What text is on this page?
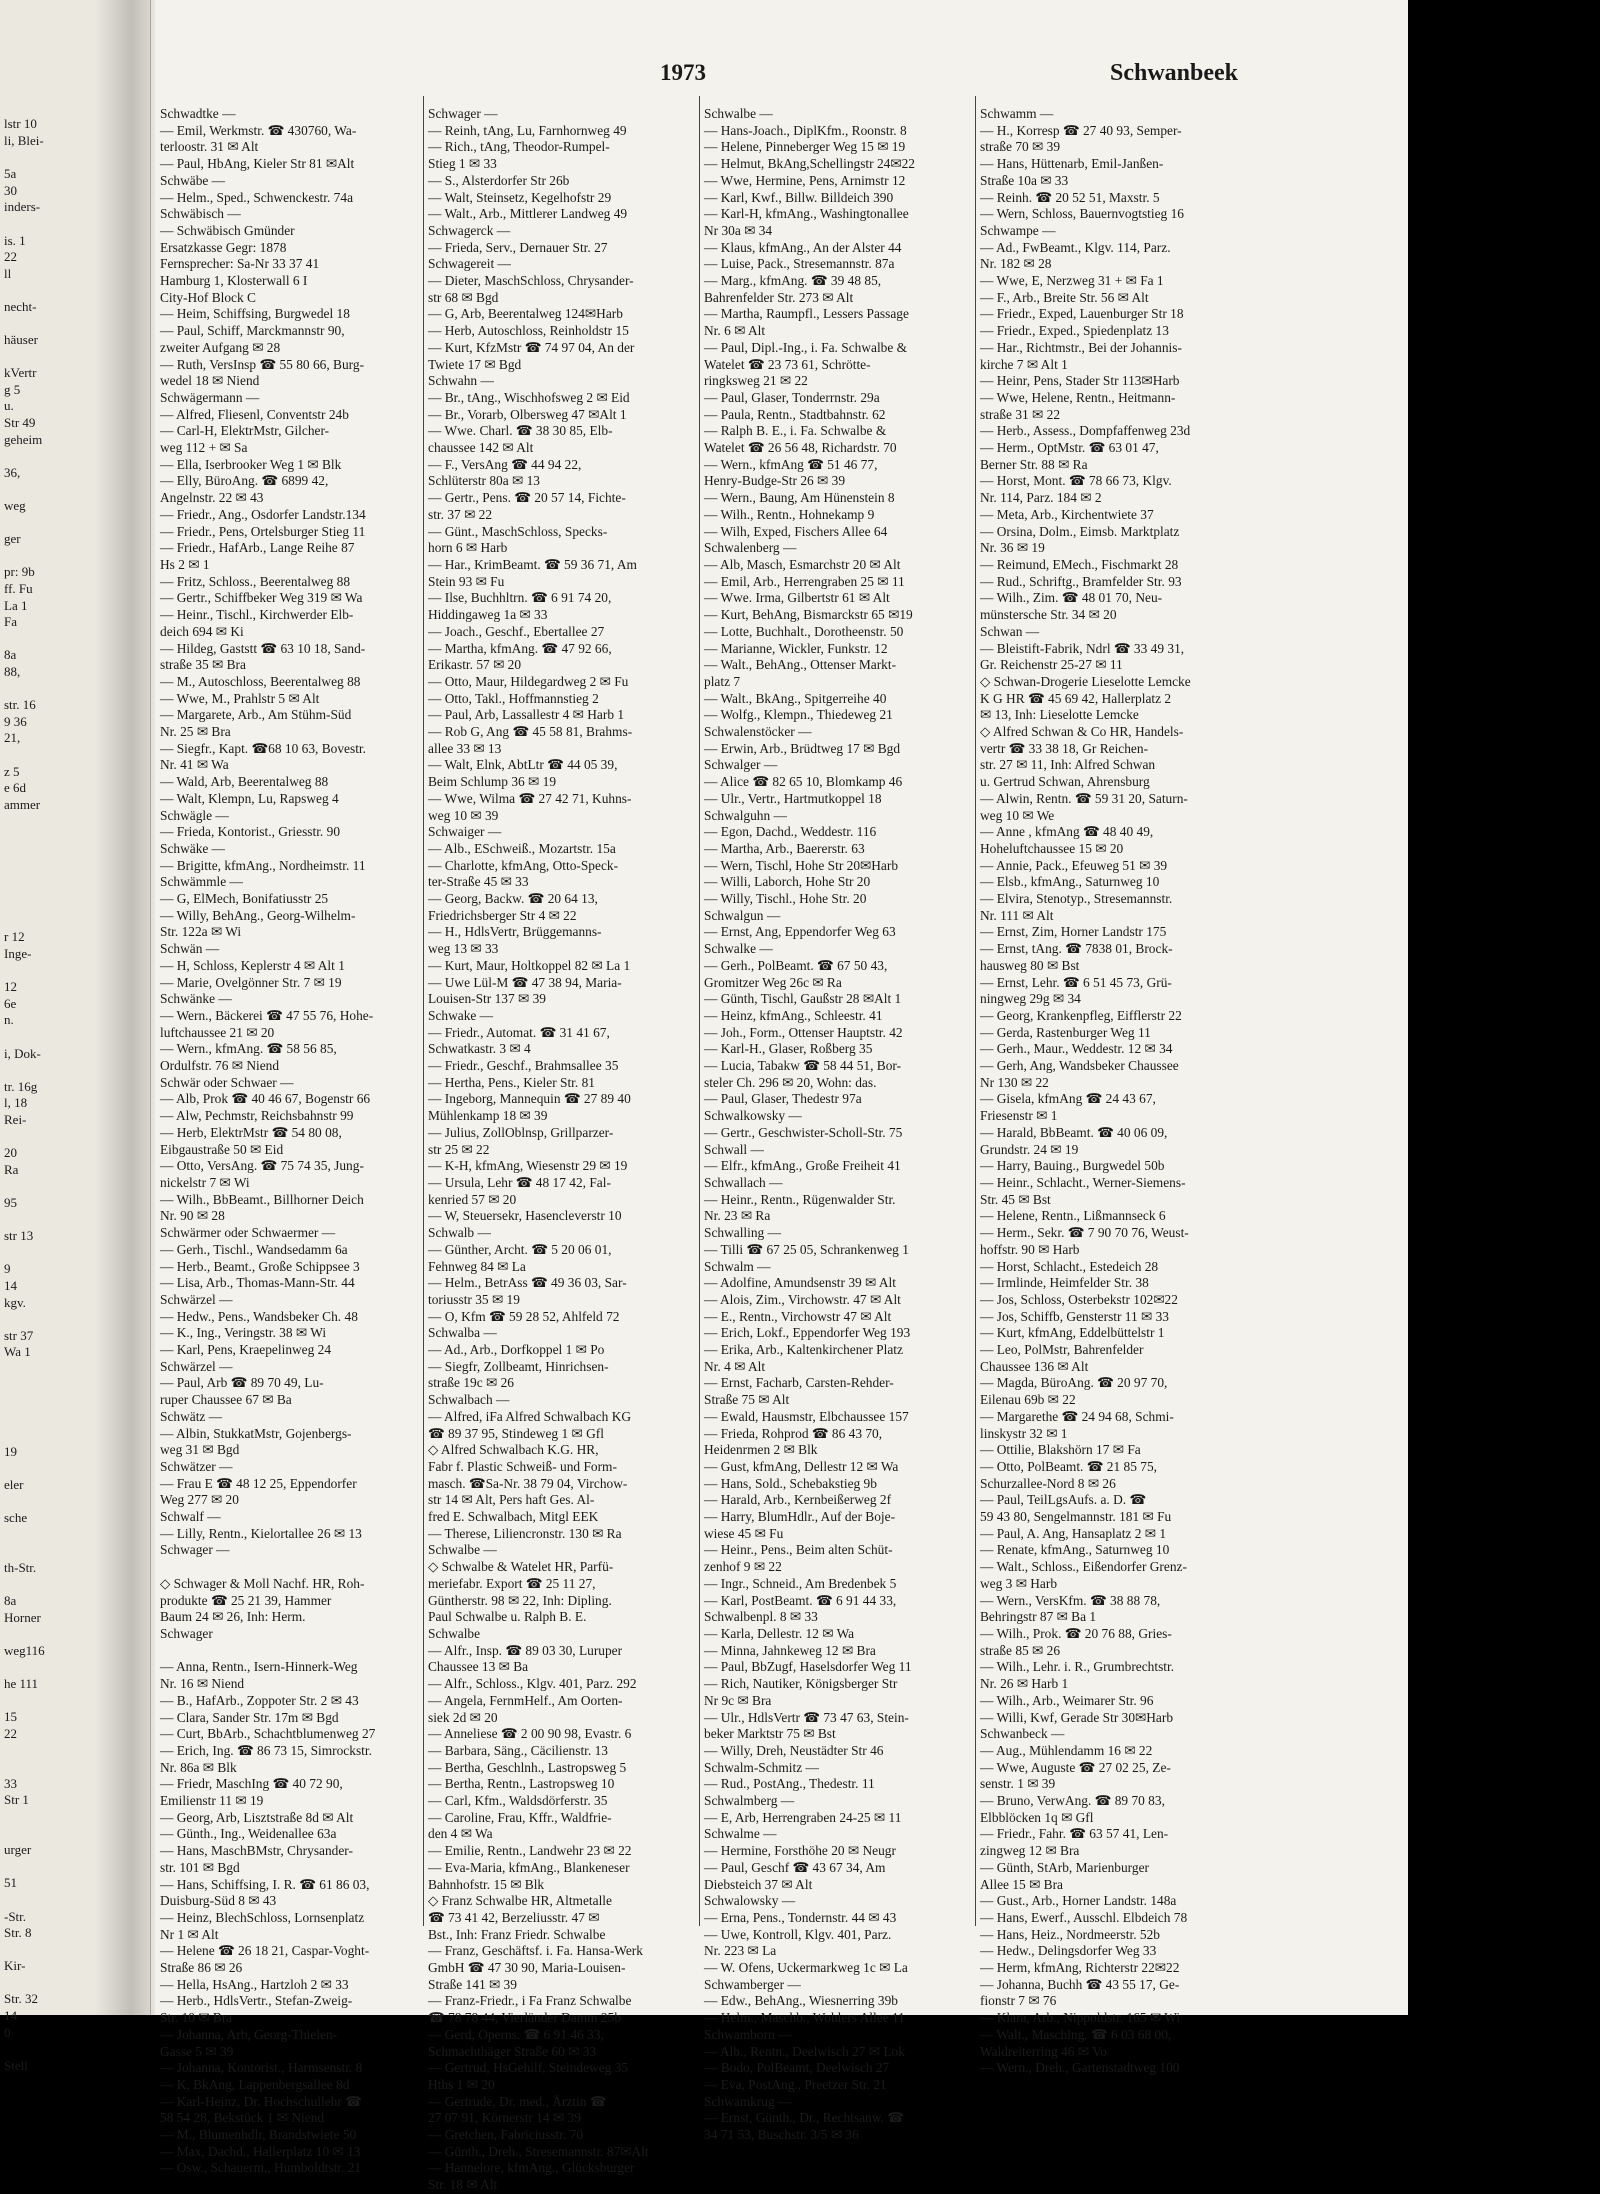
lstr 10
li, Blei-

5a
30
inders-

is. 1
22
ll

necht-

häuser

kVertr
g 5
u.
Str 49
geheim

36,

weg

ger

pr: 9b
ff. Fu
La 1
Fa

8a
88,

str. 16
9 36
21,

z 5
e 6d
ammer

r 12
Inge-

12
6e
n.

i, Dok-

tr. 16g
l, 18
Rei-

20
Ra

95

str 13

9
14
kgv.

str 37
Wa 1

19

eler

sche

th-Str.

8a
Horner

weg116

he 111

15
22

33
Str 1

urger

51

-Str.
Str. 8

Kir-

Str. 32
14
0

Stell
1973	Schwanbeek
Schwadtke —
— Emil, Werkmstr. ☎ 430760, Wa-
terloostr. 31 ✉ Alt
— Paul, HbAng, Kieler Str 81 ✉Alt
Schwäbe —
— Helm., Sped., Schwenckestr. 74a
Schwäbisch —
— Schwäbisch Gmünder
Ersatzkasse Gegr: 1878
Fernsprecher: Sa-Nr 33 37 41
Hamburg 1, Klosterwall 6 I
City-Hof Block C
— Heim, Schiffsing, Burgwedel 18
— Paul, Schiff, Marckmannstr 90,
zweiter Aufgang ✉ 28
— Ruth, VersInsp ☎ 55 80 66, Burg-
wedel 18 ✉ Niend
Schwägermann —
— Alfred, Fliesenl, Conventstr 24b
— Carl-H, ElektrMstr, Gilcher-
weg 112 + ✉ Sa
— Ella, Iserbrooker Weg 1 ✉ Blk
— Elly, BüroAng. ☎ 6899 42,
Angelnstr. 22 ✉ 43
— Friedr., Ang., Osdorfer Landstr.134
— Friedr., Pens, Ortelsburger Stieg 11
— Friedr., HafArb., Lange Reihe 87
Hs 2 ✉ 1
— Fritz, Schloss., Beerentalweg 88
— Gertr., Schiffbeker Weg 319 ✉ Wa
— Heinr., Tischl., Kirchwerder Elb-
deich 694 ✉ Ki
— Hildeg, Gaststt ☎ 63 10 18, Sand-
straße 35 ✉ Bra
— M., Autoschloss, Beerentalweg 88
— Wwe, M., Prahlstr 5 ✉ Alt
— Margarete, Arb., Am Stühm-Süd
Nr. 25 ✉ Bra
— Siegfr., Kapt. ☎68 10 63, Bovestr.
Nr. 41 ✉ Wa
— Wald, Arb, Beerentalweg 88
— Walt, Klempn, Lu, Rapsweg 4
Schwägle —
— Frieda, Kontorist., Griesstr. 90
Schwäke —
— Brigitte, kfmAng., Nordheimstr. 11
Schwämmle —
— G, ElMech, Bonifatiusstr 25
— Willy, BehAng., Georg-Wilhelm-
Str. 122a ✉ Wi
Schwän —
— H, Schloss, Keplerstr 4 ✉ Alt 1
— Marie, Ovelgönner Str. 7 ✉ 19
Schwänke —
— Wern., Bäckerei ☎ 47 55 76, Hohe-
luftchaussee 21 ✉ 20
— Wern., kfmAng. ☎ 58 56 85,
Ordulfstr. 76 ✉ Niend
Schwär oder Schwaer —
— Alb, Prok ☎ 40 46 67, Bogenstr 66
— Alw, Pechmstr, Reichsbahnstr 99
— Herb, ElektrMstr ☎ 54 80 08,
Eibgaustraße 50 ✉ Eid
— Otto, VersAng. ☎ 75 74 35, Jung-
nickelstr 7 ✉ Wi
— Wilh., BbBeamt., Billhorner Deich
Nr. 90 ✉ 28
Schwärmer oder Schwaermer —
— Gerh., Tischl., Wandsedamm 6a
— Herb., Beamt., Große Schippsee 3
— Lisa, Arb., Thomas-Mann-Str. 44
Schwärzel —
— Hedw., Pens., Wandsbeker Ch. 48
— K., Ing., Veringstr. 38 ✉ Wi
— Karl, Pens, Kraepelinweg 24
Schwärzel —
— Paul, Arb ☎ 89 70 49, Lu-
ruper Chaussee 67 ✉ Ba
Schwätz —
— Albin, StukkatMstr, Gojenbergs-
weg 31 ✉ Bgd
Schwätzer —
— Frau E ☎ 48 12 25, Eppendorfer
Weg 277 ✉ 20
Schwalf —
— Lilly, Rentn., Kielortallee 26 ✉ 13
Schwager —

◇ Schwager & Moll Nachf. HR, Roh-
produkte ☎ 25 21 39, Hammer
Baum 24 ✉ 26, Inh: Herm.
Schwager

— Anna, Rentn., Isern-Hinnerk-Weg
Nr. 16 ✉ Niend
— B., HafArb., Zoppoter Str. 2 ✉ 43
— Clara, Sander Str. 17m ✉ Bgd
— Curt, BbArb., Schachtblumenweg 27
— Erich, Ing. ☎ 86 73 15, Simrockstr.
Nr. 86a ✉ Blk
— Friedr, MaschIng ☎ 40 72 90,
Emilienstr 11 ✉ 19
— Georg, Arb, Lisztstraße 8d ✉ Alt
— Günth., Ing., Weidenallee 63a
— Hans, MaschBMstr, Chrysander-
str. 101 ✉ Bgd
— Hans, Schiffsing, I. R. ☎ 61 86 03,
Duisburg-Süd 8 ✉ 43
— Heinz, BlechSchloss, Lornsenplatz
Nr 1 ✉ Alt
— Helene ☎ 26 18 21, Caspar-Voght-
Straße 86 ✉ 26
— Hella, HsAng., Hartzloh 2 ✉ 33
— Herb., HdlsVertr., Stefan-Zweig-
Str. 10 ✉ Bra
— Johanna, Arb, Georg-Thielen-
Gasse 5 ✉ 39
— Johanna, Kontorist., Harmsenstr. 8
— K, BkAng, Lappenbergsallee 8d
— Karl-Heinz, Dr. Hochschullehr ☎
58 54 28, Bekstück 1 ✉ Niend
— M., Blumenhdlr, Brandstwiete 50
— Max, Dachd., Hallerplatz 10 ✉ 13
— Osw., Schauerm., Humboldtstr. 21
Schwager —
— Reinh, tAng, Lu, Farnhornweg 49
— Rich., tAng, Theodor-Rumpel-
Stieg 1 ✉ 33
— S., Alsterdorfer Str 26b
— Walt, Steinsetz, Kegelhofstr 29
— Walt., Arb., Mittlerer Landweg 49
Schwagerck —
— Frieda, Serv., Dernauer Str. 27
Schwagereit —
— Dieter, MaschSchloss, Chrysander-
str 68 ✉ Bgd
— G, Arb, Beerentalweg 124✉Harb
— Herb, Autoschloss, Reinholdstr 15
— Kurt, KfzMstr ☎ 74 97 04, An der
Twiete 17 ✉ Bgd
Schwahn —
— Br., tAng., Wischhofsweg 2 ✉ Eid
— Br., Vorarb, Olbersweg 47 ✉Alt 1
— Wwe. Charl. ☎ 38 30 85, Elb-
chaussee 142 ✉ Alt
— F., VersAng ☎ 44 94 22,
Schlüterstr 80a ✉ 13
— Gertr., Pens. ☎ 20 57 14, Fichte-
str. 37 ✉ 22
— Günt., MaschSchloss, Specks-
horn 6 ✉ Harb
— Har., KrimBeamt. ☎ 59 36 71, Am
Stein 93 ✉ Fu
— Ilse, Buchhltrn. ☎ 6 91 74 20,
Hiddingaweg 1a ✉ 33
— Joach., Geschf., Ebertallee 27
— Martha, kfmAng. ☎ 47 92 66,
Erikastr. 57 ✉ 20
— Otto, Maur, Hildegardweg 2 ✉ Fu
— Otto, Takl., Hoffmannstieg 2
— Paul, Arb, Lassallestr 4 ✉ Harb 1
— Rob G, Ang ☎ 45 58 81, Brahms-
allee 33 ✉ 13
— Walt, Elnk, AbtLtr ☎ 44 05 39,
Beim Schlump 36 ✉ 19
— Wwe, Wilma ☎ 27 42 71, Kuhns-
weg 10 ✉ 39
Schwaiger —
— Alb., ESchweiß., Mozartstr. 15a
— Charlotte, kfmAng, Otto-Speck-
ter-Straße 45 ✉ 33
— Georg, Backw. ☎ 20 64 13,
Friedrichsberger Str 4 ✉ 22
— H., HdlsVertr, Brüggemanns-
weg 13 ✉ 33
— Kurt, Maur, Holtkoppel 82 ✉ La 1
— Uwe Lül-M ☎ 47 38 94, Maria-
Louisen-Str 137 ✉ 39
Schwake —
— Friedr., Automat. ☎ 31 41 67,
Schwatkastr. 3 ✉ 4
— Friedr., Geschf., Brahmsallee 35
— Hertha, Pens., Kieler Str. 81
— Ingeborg, Mannequin ☎ 27 89 40
Mühlenkamp 18 ✉ 39
— Julius, ZollOblnsp, Grillparzer-
str 25 ✉ 22
— K-H, kfmAng, Wiesenstr 29 ✉ 19
— Ursula, Lehr ☎ 48 17 42, Fal-
kenried 57 ✉ 20
— W, Steuersekr, Hasencleverstr 10
Schwalb —
— Günther, Archt. ☎ 5 20 06 01,
Fehnweg 84 ✉ La
— Helm., BetrAss ☎ 49 36 03, Sar-
toriusstr 35 ✉ 19
— O, Kfm ☎ 59 28 52, Ahlfeld 72
Schwalba —
— Ad., Arb., Dorfkoppel 1 ✉ Po
— Siegfr, Zollbeamt, Hinrichsen-
straße 19c ✉ 26
Schwalbach —
— Alfred, iFa Alfred Schwalbach KG
☎ 89 37 95, Stindeweg 1 ✉ Gfl
◇ Alfred Schwalbach K.G. HR,
Fabr f. Plastic Schweiß- und Form-
masch. ☎Sa-Nr. 38 79 04, Virchow-
str 14 ✉ Alt, Pers haft Ges. Al-
fred E. Schwalbach, Mitgl EEK
— Therese, Liliencronstr. 130 ✉ Ra
Schwalbe —
◇ Schwalbe & Watelet HR, Parfü-
meriefabr. Export ☎ 25 11 27,
Güntherstr. 98 ✉ 22, Inh: Dipling.
Paul Schwalbe u. Ralph B. E.
Schwalbe
— Alfr., Insp. ☎ 89 03 30, Luruper
Chaussee 13 ✉ Ba
— Alfr., Schloss., Klgv. 401, Parz. 292
— Angela, FernmHelf., Am Oorten-
siek 2d ✉ 20
— Anneliese ☎ 2 00 90 98, Evastr. 6
— Barbara, Säng., Cäcilienstr. 13
— Bertha, Geschlnh., Lastropsweg 5
— Bertha, Rentn., Lastropsweg 10
— Carl, Kfm., Waldsdörferstr. 35
— Caroline, Frau, Kffr., Waldfrie-
den 4 ✉ Wa
— Emilie, Rentn., Landwehr 23 ✉ 22
— Eva-Maria, kfmAng., Blankeneser
Bahnhofstr. 15 ✉ Blk
◇ Franz Schwalbe HR, Altmetalle
☎ 73 41 42, Berzeliusstr. 47 ✉
Bst., Inh: Franz Friedr. Schwalbe
— Franz, Geschäftsf. i. Fa. Hansa-Werk
GmbH ☎ 47 30 90, Maria-Louisen-
Straße 141 ✉ 39
— Franz-Friedr., i Fa Franz Schwalbe
☎ 78 78 44, Vierländer Damm 25b
— Gerd, Operns. ☎ 6 91 46 33,
Schmachthäger Straße 60 ✉ 33
— Gertrud, HsGehilf, Steindeweg 35
Hths 1 ✉ 20
— Gertrude, Dr. med., Ärztin ☎
27 07 91, Körnerstr 14 ✉ 39
— Gretchen, Fabriciusstr. 70
— Günth., Dreh., Stresemannstr. 87✉Alt
— Hannelore, kfmAng., Glücksburger
Str. 18 ✉ Alt
Schwalbe —
— Hans-Joach., DiplKfm., Roonstr. 8
— Helene, Pinneberger Weg 15 ✉ 19
— Helmut, BkAng,Schellingstr 24✉22
— Wwe, Hermine, Pens, Arnimstr 12
— Karl, Kwf., Billw. Billdeich 390
— Karl-H, kfmAng., Washingtonallee
Nr 30a ✉ 34
— Klaus, kfmAng., An der Alster 44
— Luise, Pack., Stresemannstr. 87a
— Marg., kfmAng. ☎ 39 48 85,
Bahrenfelder Str. 273 ✉ Alt
— Martha, Raumpfl., Lessers Passage
Nr. 6 ✉ Alt
— Paul, Dipl.-Ing., i. Fa. Schwalbe &
Watelet ☎ 23 73 61, Schrötte-
ringksweg 21 ✉ 22
— Paul, Glaser, Tonderrnstr. 29a
— Paula, Rentn., Stadtbahnstr. 62
— Ralph B. E., i. Fa. Schwalbe &
Watelet ☎ 26 56 48, Richardstr. 70
— Wern., kfmAng ☎ 51 46 77,
Henry-Budge-Str 26 ✉ 39
— Wern., Baung, Am Hünenstein 8
— Wilh., Rentn., Hohnekamp 9
— Wilh, Exped, Fischers Allee 64
Schwalenberg —
— Alb, Masch, Esmarchstr 20 ✉ Alt
— Emil, Arb., Herrengraben 25 ✉ 11
— Wwe. Irma, Gilbertstr 61 ✉ Alt
— Kurt, BehAng, Bismarckstr 65 ✉19
— Lotte, Buchhalt., Dorotheenstr. 50
— Marianne, Wickler, Funkstr. 12
— Walt., BehAng., Ottenser Markt-
platz 7
— Walt., BkAng., Spitgerreihe 40
— Wolfg., Klempn., Thiedeweg 21
Schwalenstöcker —
— Erwin, Arb., Brüdtweg 17 ✉ Bgd
Schwalger —
— Alice ☎ 82 65 10, Blomkamp 46
— Ulr., Vertr., Hartmutkoppel 18
Schwalguhn —
— Egon, Dachd., Weddestr. 116
— Martha, Arb., Baererstr. 63
— Wern, Tischl, Hohe Str 20✉Harb
— Willi, Laborch, Hohe Str 20
— Willy, Tischl., Hohe Str. 20
Schwalgun —
— Ernst, Ang, Eppendorfer Weg 63
Schwalke —
— Gerh., PolBeamt. ☎ 67 50 43,
Gromitzer Weg 26c ✉ Ra
— Günth, Tischl, Gaußstr 28 ✉Alt 1
— Heinz, kfmAng., Schleestr. 41
— Joh., Form., Ottenser Hauptstr. 42
— Karl-H., Glaser, Roßberg 35
— Lucia, Tabakw ☎ 58 44 51, Bor-
steler Ch. 296 ✉ 20, Wohn: das.
— Paul, Glaser, Thedestr 97a
Schwalkowsky —
— Gertr., Geschwister-Scholl-Str. 75
Schwall —
— Elfr., kfmAng., Große Freiheit 41
Schwallach —
— Heinr., Rentn., Rügenwalder Str.
Nr. 23 ✉ Ra
Schwalling —
— Tilli ☎ 67 25 05, Schrankenweg 1
Schwalm —
— Adolfine, Amundsenstr 39 ✉ Alt
— Alois, Zim., Virchowstr. 47 ✉ Alt
— E., Rentn., Virchowstr 47 ✉ Alt
— Erich, Lokf., Eppendorfer Weg 193
— Erika, Arb., Kaltenkirchener Platz
Nr. 4 ✉ Alt
— Ernst, Facharb, Carsten-Rehder-
Straße 75 ✉ Alt
— Ewald, Hausmstr, Elbchaussee 157
— Frieda, Rohprod ☎ 86 43 70,
Heidenrmen 2 ✉ Blk
— Gust, kfmAng, Dellestr 12 ✉ Wa
— Hans, Sold., Schebakstieg 9b
— Harald, Arb., Kernbeißerweg 2f
— Harry, BlumHdlr., Auf der Boje-
wiese 45 ✉ Fu
— Heinr., Pens., Beim alten Schüt-
zenhof 9 ✉ 22
— Ingr., Schneid., Am Bredenbek 5
— Karl, PostBeamt. ☎ 6 91 44 33,
Schwalbenpl. 8 ✉ 33
— Karla, Dellestr. 12 ✉ Wa
— Minna, Jahnkeweg 12 ✉ Bra
— Paul, BbZugf, Haselsdorfer Weg 11
— Rich, Nautiker, Königsberger Str
Nr 9c ✉ Bra
— Ulr., HdlsVertr ☎ 73 47 63, Stein-
beker Marktstr 75 ✉ Bst
— Willy, Dreh, Neustädter Str 46
Schwalm-Schmitz —
— Rud., PostAng., Thedestr. 11
Schwalmberg —
— E, Arb, Herrengraben 24-25 ✉ 11
Schwalme —
— Hermine, Forsthöhe 20 ✉ Neugr
— Paul, Geschf ☎ 43 67 34, Am
Diebsteich 37 ✉ Alt
Schwalowsky —
— Erna, Pens., Tondernstr. 44 ✉ 43
— Uwe, Kontroll, Klgv. 401, Parz.
Nr. 223 ✉ La
— W. Ofens, Uckermarkweg 1c ✉ La
Schwamberger —
— Edw., BehAng., Wiesnerring 39b
— Helm., Maschb., Wohlers Allee 11
Schwamborn —
— Alb., Rentn., Deelwisch 27 ✉ Lok
— Bodo, PolBeamt, Deelwisch 27
— Eva, PostAng., Preetzer Str. 21
Schwamkrug —
— Ernst, Günth., Dr., Rechtsanw. ☎
34 71 53, Buschstr. 3/5 ✉ 36
Schwamm —
— H., Korresp ☎ 27 40 93, Semper-
straße 70 ✉ 39
— Hans, Hüttenarb, Emil-Janßen-
Straße 10a ✉ 33
— Reinh. ☎ 20 52 51, Maxstr. 5
— Wern, Schloss, Bauernvogtstieg 16
Schwampe —
— Ad., FwBeamt., Klgv. 114, Parz.
Nr. 182 ✉ 28
— Wwe, E, Nerzweg 31 + ✉ Fa 1
— F., Arb., Breite Str. 56 ✉ Alt
— Friedr., Exped, Lauenburger Str 18
— Friedr., Exped., Spiedenplatz 13
— Har., Richtmstr., Bei der Johannis-
kirche 7 ✉ Alt 1
— Heinr, Pens, Stader Str 113✉Harb
— Wwe, Helene, Rentn., Heitmann-
straße 31 ✉ 22
— Herb., Assess., Dompfaffenweg 23d
— Herm., OptMstr. ☎ 63 01 47,
Berner Str. 88 ✉ Ra
— Horst, Mont. ☎ 78 66 73, Klgv.
Nr. 114, Parz. 184 ✉ 2
— Meta, Arb., Kirchentwiete 37
— Orsina, Dolm., Eimsb. Marktplatz
Nr. 36 ✉ 19
— Reimund, EMech., Fischmarkt 28
— Rud., Schriftg., Bramfelder Str. 93
— Wilh., Zim. ☎ 48 01 70, Neu-
münstersche Str. 34 ✉ 20
Schwan —
— Bleistift-Fabrik, Ndrl ☎ 33 49 31,
Gr. Reichenstr 25-27 ✉ 11
◇ Schwan-Drogerie Lieselotte Lemcke
K G HR ☎ 45 69 42, Hallerplatz 2
✉ 13, Inh: Lieselotte Lemcke
◇ Alfred Schwan & Co HR, Handels-
vertr ☎ 33 38 18, Gr Reichen-
str. 27 ✉ 11, Inh: Alfred Schwan
u. Gertrud Schwan, Ahrensburg
— Alwin, Rentn. ☎ 59 31 20, Saturn-
weg 10 ✉ We
— Anne , kfmAng ☎ 48 40 49,
Hoheluftchaussee 15 ✉ 20
— Annie, Pack., Efeuweg 51 ✉ 39
— Elsb., kfmAng., Saturnweg 10
— Elvira, Stenotyp., Stresemannstr.
Nr. 111 ✉ Alt
— Ernst, Zim, Horner Landstr 175
— Ernst, tAng. ☎ 7838 01, Brock-
hausweg 80 ✉ Bst
— Ernst, Lehr. ☎ 6 51 45 73, Grü-
ningweg 29g ✉ 34
— Georg, Krankenpfleg, Eifflerstr 22
— Gerda, Rastenburger Weg 11
— Gerh., Maur., Weddestr. 12 ✉ 34
— Gerh, Ang, Wandsbeker Chaussee
Nr 130 ✉ 22
— Gisela, kfmAng ☎ 24 43 67,
Friesenstr ✉ 1
— Harald, BbBeamt. ☎ 40 06 09,
Grundstr. 24 ✉ 19
— Harry, Bauing., Burgwedel 50b
— Heinr., Schlacht., Werner-Siemens-
Str. 45 ✉ Bst
— Helene, Rentn., Lißmannseck 6
— Herm., Sekr. ☎ 7 90 70 76, Weust-
hoffstr. 90 ✉ Harb
— Horst, Schlacht., Estedeich 28
— Irmlinde, Heimfelder Str. 38
— Jos, Schloss, Osterbekstr 102✉22
— Jos, Schiffb, Gensterstr 11 ✉ 33
— Kurt, kfmAng, Eddelbüttelstr 1
— Leo, PolMstr, Bahrenfelder
Chaussee 136 ✉ Alt
— Magda, BüroAng. ☎ 20 97 70,
Eilenau 69b ✉ 22
— Margarethe ☎ 24 94 68, Schmi-
linskystr 32 ✉ 1
— Ottilie, Blakshörn 17 ✉ Fa
— Otto, PolBeamt. ☎ 21 85 75,
Schurzallee-Nord 8 ✉ 26
— Paul, TeilLgsAufs. a. D. ☎
59 43 80, Sengelmannstr. 181 ✉ Fu
— Paul, A. Ang, Hansaplatz 2 ✉ 1
— Renate, kfmAng., Saturnweg 10
— Walt., Schloss., Eißendorfer Grenz-
weg 3 ✉ Harb
— Wern., VersKfm. ☎ 38 88 78,
Behringstr 87 ✉ Ba 1
— Wilh., Prok. ☎ 20 76 88, Gries-
straße 85 ✉ 26
— Wilh., Lehr. i. R., Grumbrechtstr.
Nr. 26 ✉ Harb 1
— Wilh., Arb., Weimarer Str. 96
— Willi, Kwf, Gerade Str 30✉Harb
Schwanbeck —
— Aug., Mühlendamm 16 ✉ 22
— Wwe, Auguste ☎ 27 02 25, Ze-
senstr. 1 ✉ 39
— Bruno, VerwAng. ☎ 89 70 83,
Elbblöcken 1q ✉ Gfl
— Friedr., Fahr. ☎ 63 57 41, Len-
zingweg 12 ✉ Bra
— Günth, StArb, Marienburger
Allee 15 ✉ Bra
— Gust., Arb., Horner Landstr. 148a
— Hans, Ewerf., Ausschl. Elbdeich 78
— Hans, Heiz., Nordmeerstr. 52b
— Hedw., Delingsdorfer Weg 33
— Herm, kfmAng, Richterstr 22✉22
— Johanna, Buchh ☎ 43 55 17, Ge-
fionstr 7 ✉ 76
— Klara, Arb., Nippoldstr. 165 ✉ Wi
— Walt., Maschlng. ☎ 6 03 68 00,
Waldreiterring 46 ✉ Vo
— Wern., Dreh., Gartenstadtweg 100
